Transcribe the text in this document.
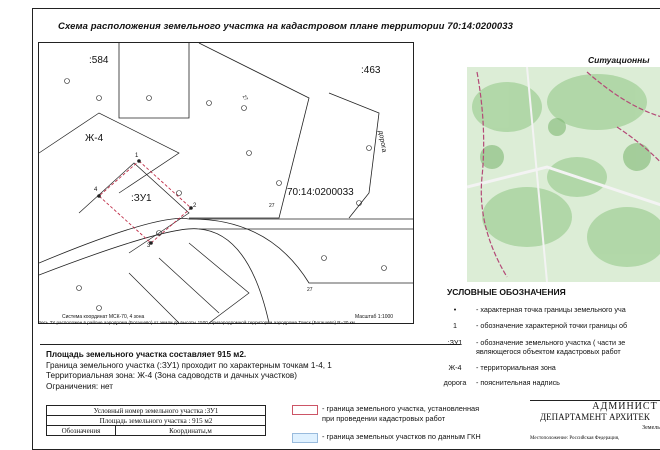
Схема расположения земельного участка на кадастровом плане территории 70:14:0200033
:584
:463
Ж-4
:ЗУ1
70:14:0200033
дорога
27
27
27
1
2
3
4
Система координат МСК-70, 4 зона	Масштаб 1:1000
Весь ЗУ расположен в районе аэродрома (Богашево) от земли до высоты 1500, приаэродромной территории аэродрома Томск (Богашево) R=30 км.
Ситуационны
Площадь земельного участка составляет 915 м2.
Граница земельного участка (:ЗУ1) проходит по характерным точкам 1-4, 1
Территориальная зона: Ж-4 (Зона садоводств и дачных участков)
Ограничения: нет
УСЛОВНЫЕ ОБОЗНАЧЕНИЯ
•	- характерная точка границы земельного уча
1	- обозначение характерной точки границы об
:ЗУ1 - обозначение земельного участка ( части зе
являющегося объектом кадастровых работ
Ж-4 - территориальная зона
дорога - пояснительная надпись
Условный номер земельного участка :ЗУ1
Площадь земельного участка : 915 м2
Обозначения	Координаты,м
- граница земельного участка, установленная
при проведении кадастровых работ
- граница земельных участков по данным ГКН
АДМИНИСТ
ДЕПАРТАМЕНТ АРХИТЕК
Земель
Местоположение: Российская Федерация,
